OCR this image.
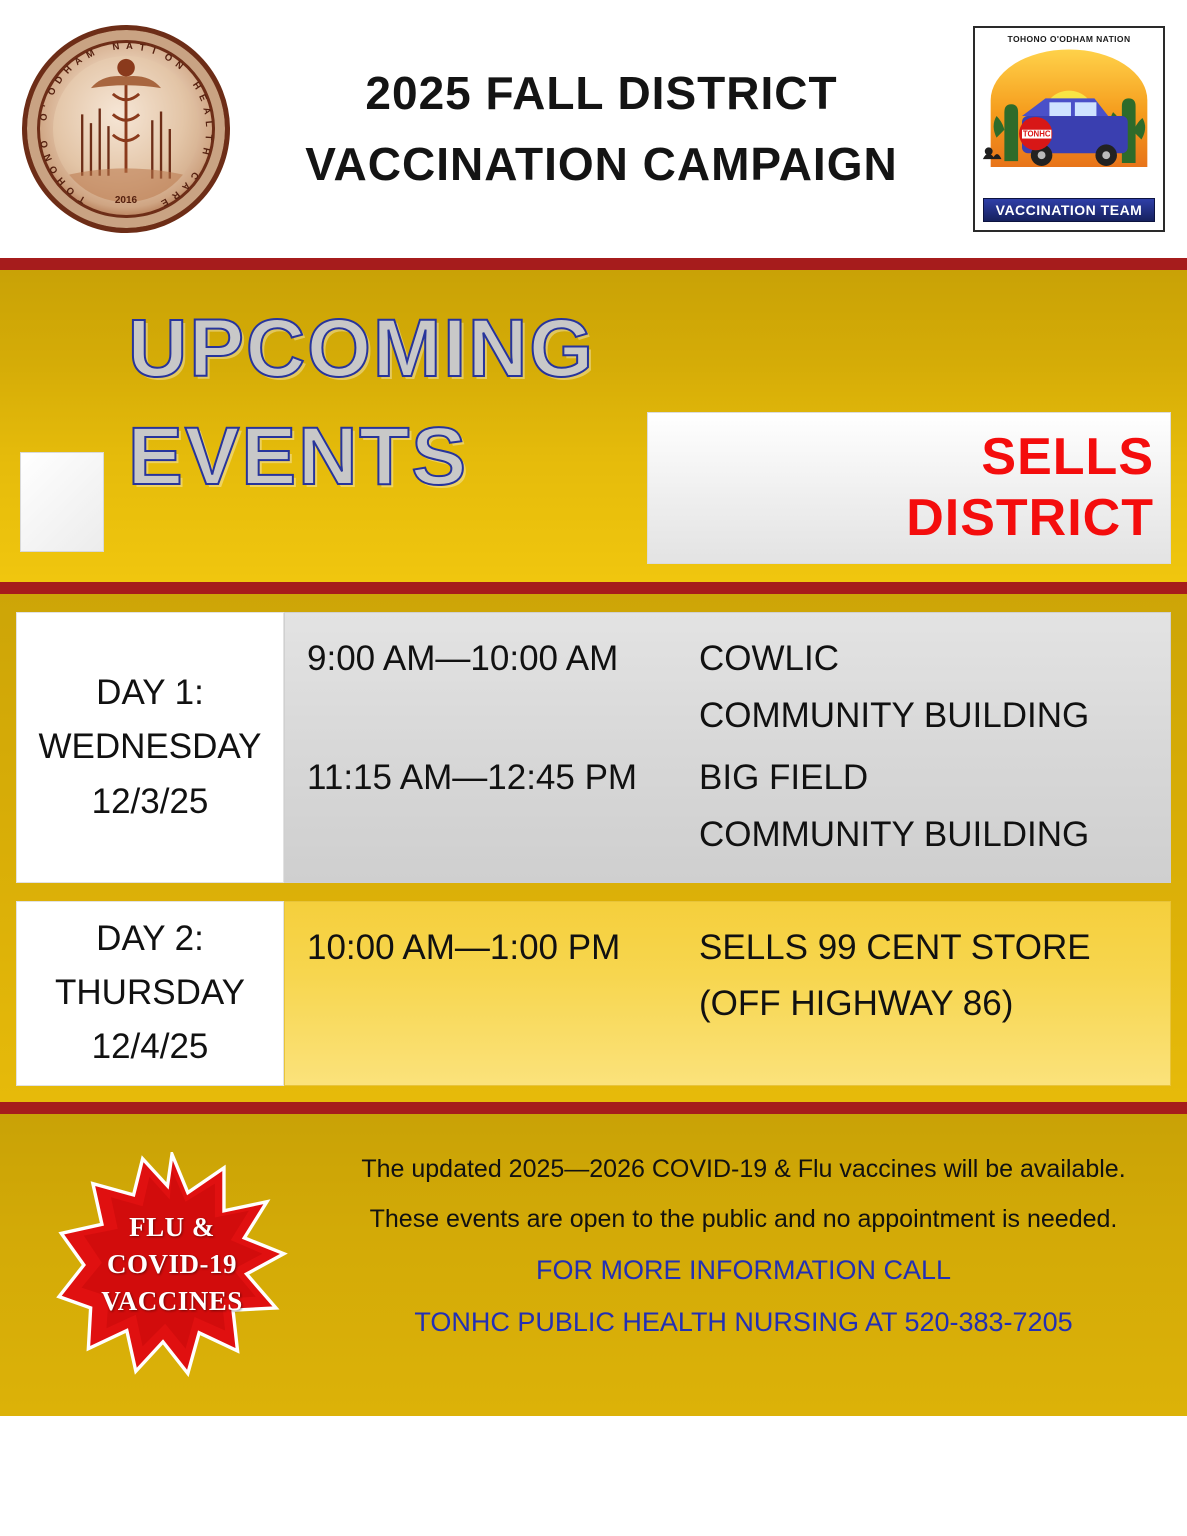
T
O
H
O
N
O
O
'
O
D
H
A
M
N A T I
O
N
H
E
A
L
T
H
C
A
R
E
2016
2025 FALL DISTRICT
VACCINATION CAMPAIGN
TOHONO O'ODHAM NATION
TONHC
VACCINATION TEAM
UPCOMING
EVENTS	SELLS
DISTRICT
DAY 1:
WEDNESDAY
12/3/25
9:00 AM—10:00 AM	COWLIC
COMMUNITY BUILDING
11:15 AM—12:45 PM	BIG FIELD
COMMUNITY BUILDING
DAY 2:
THURSDAY
12/4/25
10:00 AM—1:00 PM	SELLS 99 CENT STORE
(OFF HIGHWAY 86)
FLU &
COVID-19
VACCINES
The updated 2025—2026 COVID-19 & Flu vaccines will be available.
These events are open to the public and no appointment is needed.
FOR MORE INFORMATION CALL
TONHC PUBLIC HEALTH NURSING AT 520-383-7205
